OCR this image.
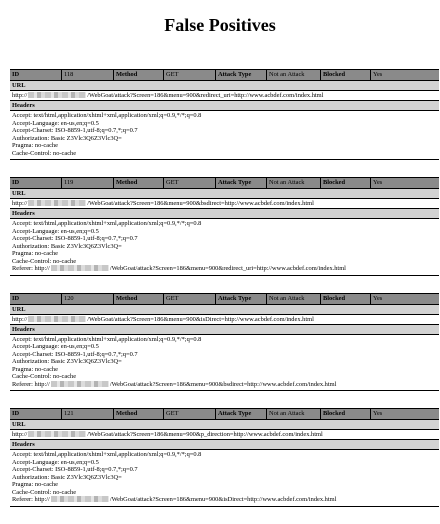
False Positives
ID	118	Method	GET	Attack Type	Not an Attack	Blocked	Yes
URL
http://	/WebGoat/attack?Screen=186&menu=900&redirect_uri=http://www.acbdef.com/index.html
Headers
Accept: text/html,application/xhtml+xml,application/xml;q=0.9,*/*;q=0.8
Accept-Language: en-us,en;q=0.5
Accept-Charset: ISO-8859-1,utf-8;q=0.7,*;q=0.7
Authorization: Basic Z3Vlc3Q6Z3Vlc3Q=
Pragma: no-cache
Cache-Control: no-cache
ID	119	Method	GET	Attack Type	Not an Attack	Blocked	Yes
URL
http://	/WebGoat/attack?Screen=186&menu=900&bsdirect=http://www.acbdef.com/index.html
Headers
Accept: text/html,application/xhtml+xml,application/xml;q=0.9,*/*;q=0.8
Accept-Language: en-us,en;q=0.5
Accept-Charset: ISO-8859-1,utf-8;q=0.7,*;q=0.7
Authorization: Basic Z3Vlc3Q6Z3Vlc3Q=
Pragma: no-cache
Cache-Control: no-cache
Referer: http://	/WebGoat/attack?Screen=186&menu=900&redirect_uri=http://www.acbdef.com/index.html
ID	120	Method	GET	Attack Type	Not an Attack	Blocked	Yes
URL
http://	/WebGoat/attack?Screen=186&menu=900&isDirect=http://www.acbdef.com/index.html
Headers
Accept: text/html,application/xhtml+xml,application/xml;q=0.9,*/*;q=0.8
Accept-Language: en-us,en;q=0.5
Accept-Charset: ISO-8859-1,utf-8;q=0.7,*;q=0.7
Authorization: Basic Z3Vlc3Q6Z3Vlc3Q=
Pragma: no-cache
Cache-Control: no-cache
Referer: http://	/WebGoat/attack?Screen=186&menu=900&bsdirect=http://www.acbdef.com/index.html
ID	121	Method	GET	Attack Type	Not an Attack	Blocked	Yes
URL
http://	/WebGoat/attack?Screen=186&menu=900&p_direction=http://www.acbdef.com/index.html
Headers
Accept: text/html,application/xhtml+xml,application/xml;q=0.9,*/*;q=0.8
Accept-Language: en-us,en;q=0.5
Accept-Charset: ISO-8859-1,utf-8;q=0.7,*;q=0.7
Authorization: Basic Z3Vlc3Q6Z3Vlc3Q=
Pragma: no-cache
Cache-Control: no-cache
Referer: http://	/WebGoat/attack?Screen=186&menu=900&isDirect=http://www.acbdef.com/index.html
